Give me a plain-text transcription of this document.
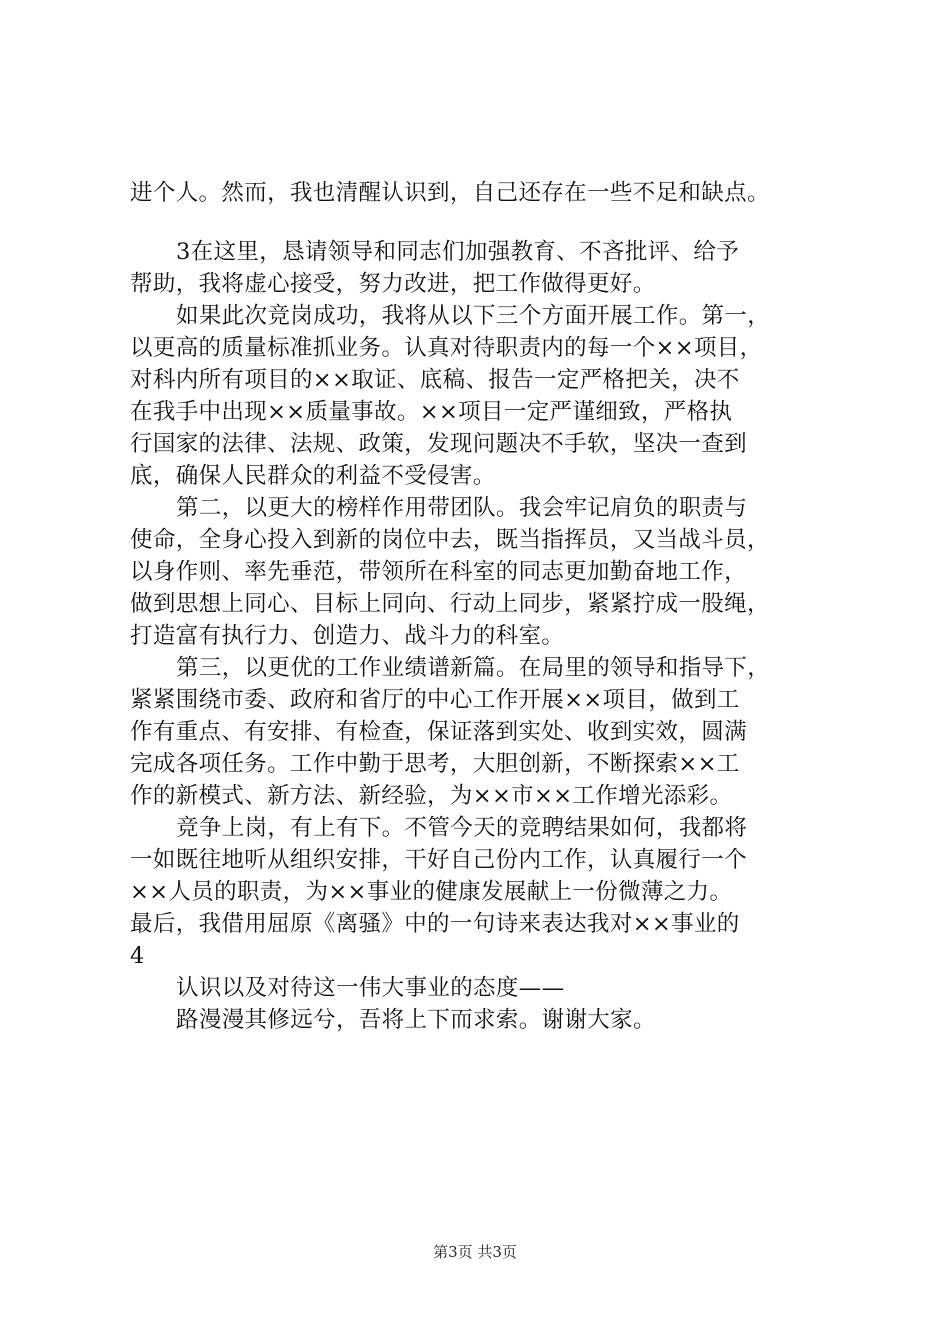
进个人。然而，我也清醒认识到，自己还存在一些不足和缺点。
3在这里，恳请领导和同志们加强教育、不吝批评、给予
帮助，我将虚心接受，努力改进，把工作做得更好。
如果此次竞岗成功，我将从以下三个方面开展工作。第一，
以更高的质量标准抓业务。认真对待职责内的每一个××项目，
对科内所有项目的××取证、底稿、报告一定严格把关，决不
在我手中出现××质量事故。××项目一定严谨细致，严格执
行国家的法律、法规、政策，发现问题决不手软，坚决一查到
底，确保人民群众的利益不受侵害。
第二，以更大的榜样作用带团队。我会牢记肩负的职责与
使命，全身心投入到新的岗位中去，既当指挥员，又当战斗员，
以身作则、率先垂范，带领所在科室的同志更加勤奋地工作，
做到思想上同心、目标上同向、行动上同步，紧紧拧成一股绳，
打造富有执行力、创造力、战斗力的科室。
第三，以更优的工作业绩谱新篇。在局里的领导和指导下，
紧紧围绕市委、政府和省厅的中心工作开展××项目，做到工
作有重点、有安排、有检查，保证落到实处、收到实效，圆满
完成各项任务。工作中勤于思考，大胆创新，不断探索××工
作的新模式、新方法、新经验，为××市××工作增光添彩。
竞争上岗，有上有下。不管今天的竞聘结果如何，我都将
一如既往地听从组织安排，干好自己份内工作，认真履行一个
××人员的职责，为××事业的健康发展献上一份微薄之力。
最后，我借用屈原《离骚》中的一句诗来表达我对××事业的
4
认识以及对待这一伟大事业的态度——
路漫漫其修远兮，吾将上下而求索。谢谢大家。
第3页 共3页
